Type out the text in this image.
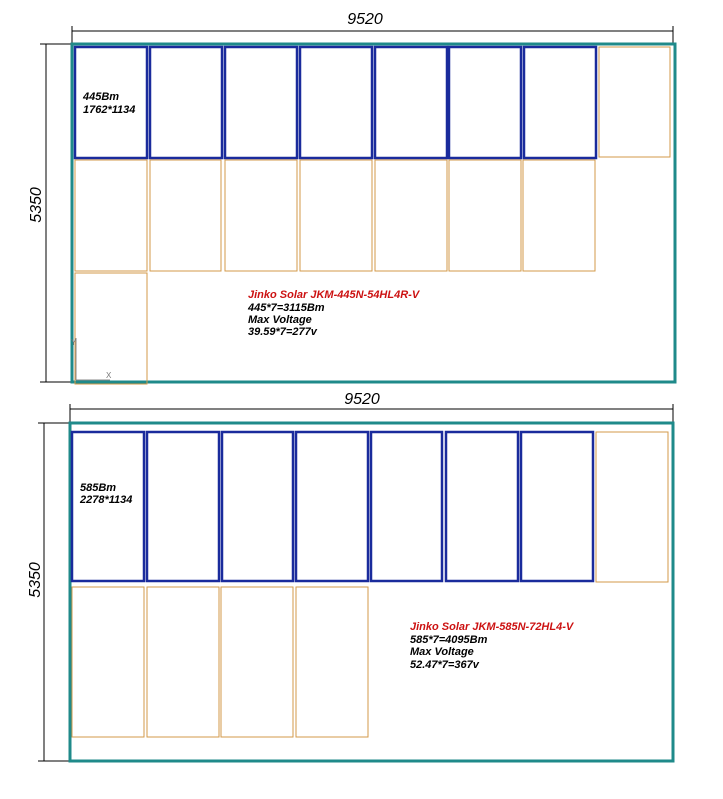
9520
5350
445Bm
1762*1134
Jinko Solar JKM-445N-54HL4R-V
445*7=3115Bm
Max Voltage
39.59*7=277v
Y
X
9520
5350
585Bm
2278*1134
Jinko Solar JKM-585N-72HL4-V
585*7=4095Bm
Max Voltage
52.47*7=367v
